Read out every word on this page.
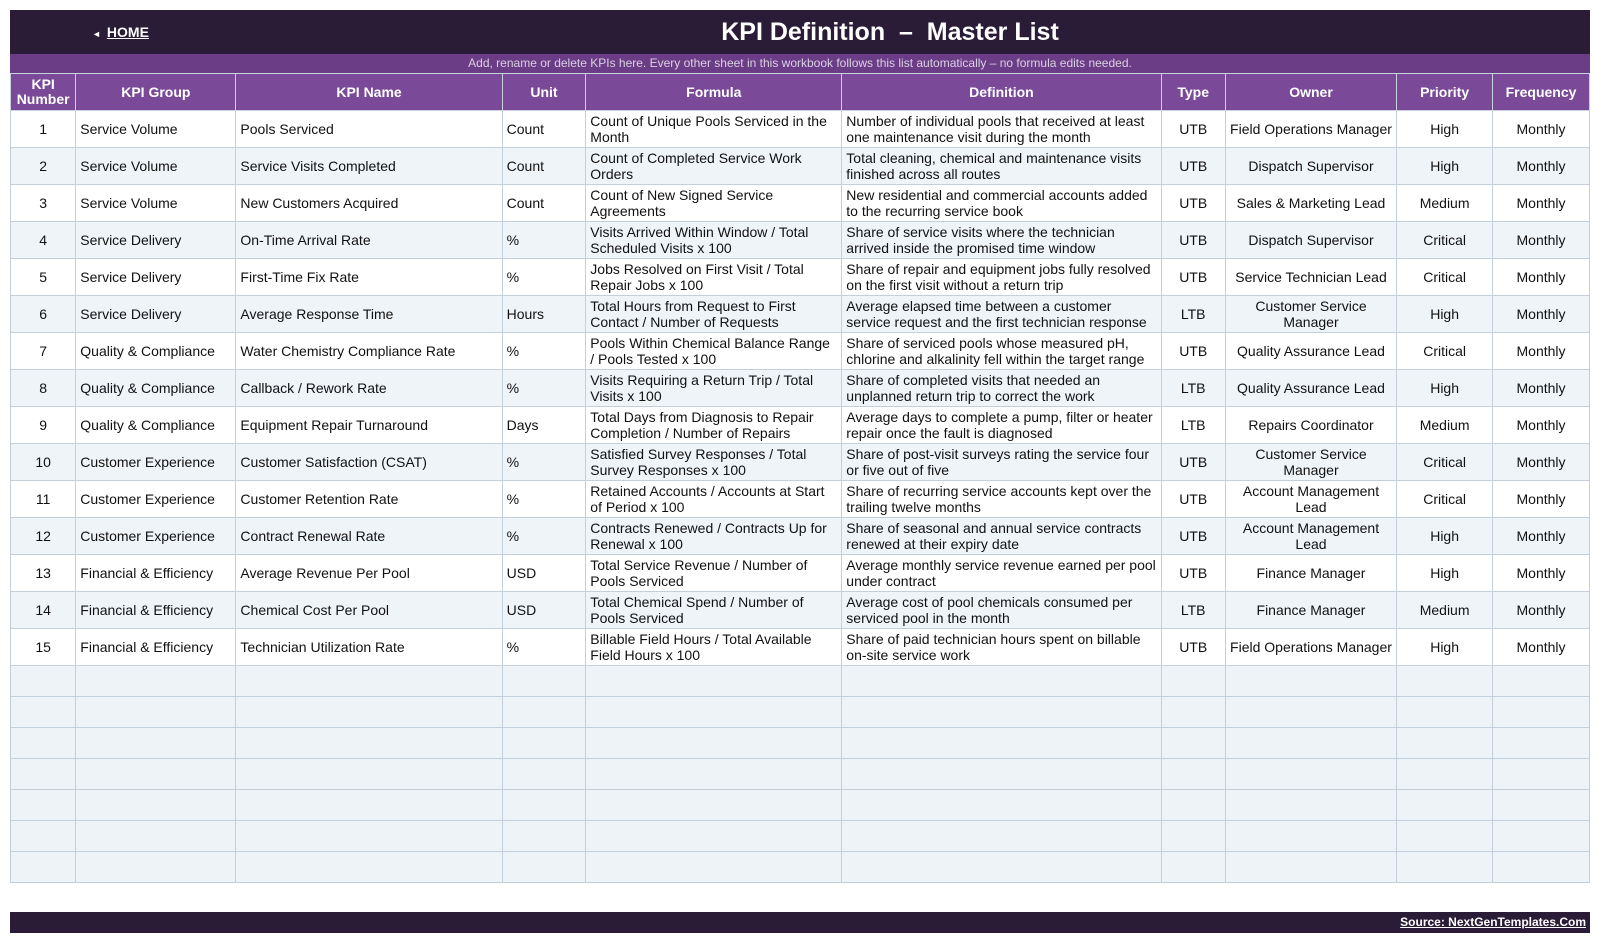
◄ HOME	KPI Definition  –  Master List
Add, rename or delete KPIs here. Every other sheet in this workbook follows this list automatically – no formula edits needed.
KPI Number	KPI Group	KPI Name	Unit	Formula	Definition	Type	Owner	Priority	Frequency
1	Service Volume	Pools Serviced	Count	Count of Unique Pools Serviced in the Month	Number of individual pools that received at least one maintenance visit during the month	UTB	Field Operations Manager	High	Monthly
2	Service Volume	Service Visits Completed	Count	Count of Completed Service Work Orders	Total cleaning, chemical and maintenance visits finished across all routes	UTB	Dispatch Supervisor	High	Monthly
3	Service Volume	New Customers Acquired	Count	Count of New Signed Service Agreements	New residential and commercial accounts added to the recurring service book	UTB	Sales & Marketing Lead	Medium	Monthly
4	Service Delivery	On-Time Arrival Rate	%	Visits Arrived Within Window / Total Scheduled Visits x 100	Share of service visits where the technician arrived inside the promised time window	UTB	Dispatch Supervisor	Critical	Monthly
5	Service Delivery	First-Time Fix Rate	%	Jobs Resolved on First Visit / Total Repair Jobs x 100	Share of repair and equipment jobs fully resolved on the first visit without a return trip	UTB	Service Technician Lead	Critical	Monthly
6	Service Delivery	Average Response Time	Hours	Total Hours from Request to First Contact / Number of Requests	Average elapsed time between a customer service request and the first technician response	LTB	Customer Service Manager	High	Monthly
7	Quality & Compliance	Water Chemistry Compliance Rate	%	Pools Within Chemical Balance Range / Pools Tested x 100	Share of serviced pools whose measured pH, chlorine and alkalinity fell within the target range	UTB	Quality Assurance Lead	Critical	Monthly
8	Quality & Compliance	Callback / Rework Rate	%	Visits Requiring a Return Trip / Total Visits x 100	Share of completed visits that needed an unplanned return trip to correct the work	LTB	Quality Assurance Lead	High	Monthly
9	Quality & Compliance	Equipment Repair Turnaround	Days	Total Days from Diagnosis to Repair Completion / Number of Repairs	Average days to complete a pump, filter or heater repair once the fault is diagnosed	LTB	Repairs Coordinator	Medium	Monthly
10	Customer Experience	Customer Satisfaction (CSAT)	%	Satisfied Survey Responses / Total Survey Responses x 100	Share of post-visit surveys rating the service four or five out of five	UTB	Customer Service Manager	Critical	Monthly
11	Customer Experience	Customer Retention Rate	%	Retained Accounts / Accounts at Start of Period x 100	Share of recurring service accounts kept over the trailing twelve months	UTB	Account Management Lead	Critical	Monthly
12	Customer Experience	Contract Renewal Rate	%	Contracts Renewed / Contracts Up for Renewal x 100	Share of seasonal and annual service contracts renewed at their expiry date	UTB	Account Management Lead	High	Monthly
13	Financial & Efficiency	Average Revenue Per Pool	USD	Total Service Revenue / Number of Pools Serviced	Average monthly service revenue earned per pool under contract	UTB	Finance Manager	High	Monthly
14	Financial & Efficiency	Chemical Cost Per Pool	USD	Total Chemical Spend / Number of Pools Serviced	Average cost of pool chemicals consumed per serviced pool in the month	LTB	Finance Manager	Medium	Monthly
15	Financial & Efficiency	Technician Utilization Rate	%	Billable Field Hours / Total Available Field Hours x 100	Share of paid technician hours spent on billable on-site service work	UTB	Field Operations Manager	High	Monthly

Source: NextGenTemplates.Com
